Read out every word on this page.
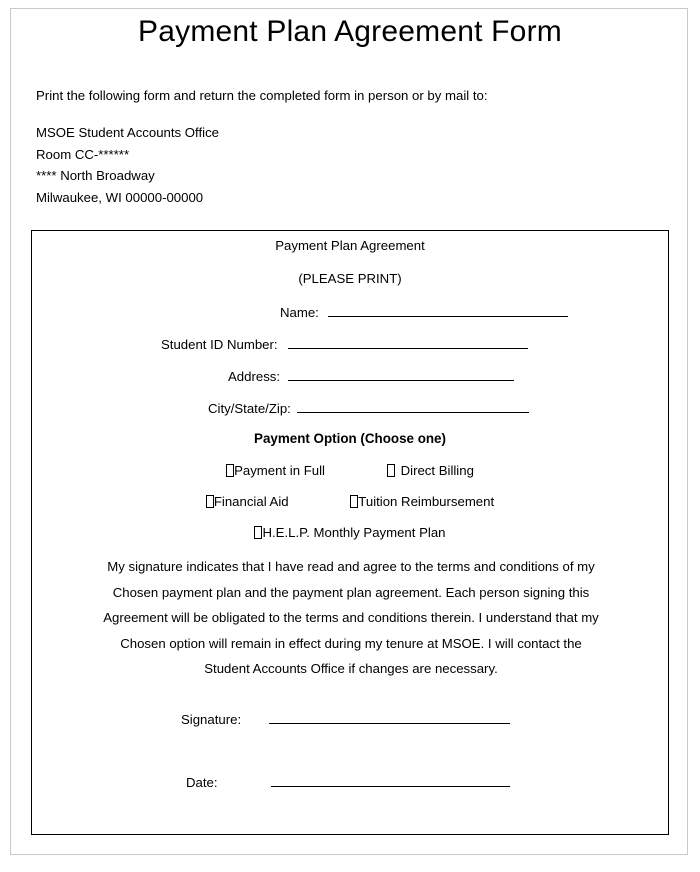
Payment Plan Agreement Form
Print the following form and return the completed form in person or by mail to:
MSOE Student Accounts Office
Room CC-******
**** North Broadway
Milwaukee, WI 00000-00000
Payment Plan Agreement
(PLEASE PRINT)
Name:
Student ID Number:
Address:
City/State/Zip:
Payment Option (Choose one)
Payment in Full
	Direct Billing
Financial Aid
	Tuition Reimbursement
H.E.L.P. Monthly Payment Plan
My signature indicates that I have read and agree to the terms and conditions of my
Chosen payment plan and the payment plan agreement. Each person signing this
Agreement will be obligated to the terms and conditions therein. I understand that my
Chosen option will remain in effect during my tenure at MSOE. I will contact the
Student Accounts Office if changes are necessary.
Signature:
Date:
